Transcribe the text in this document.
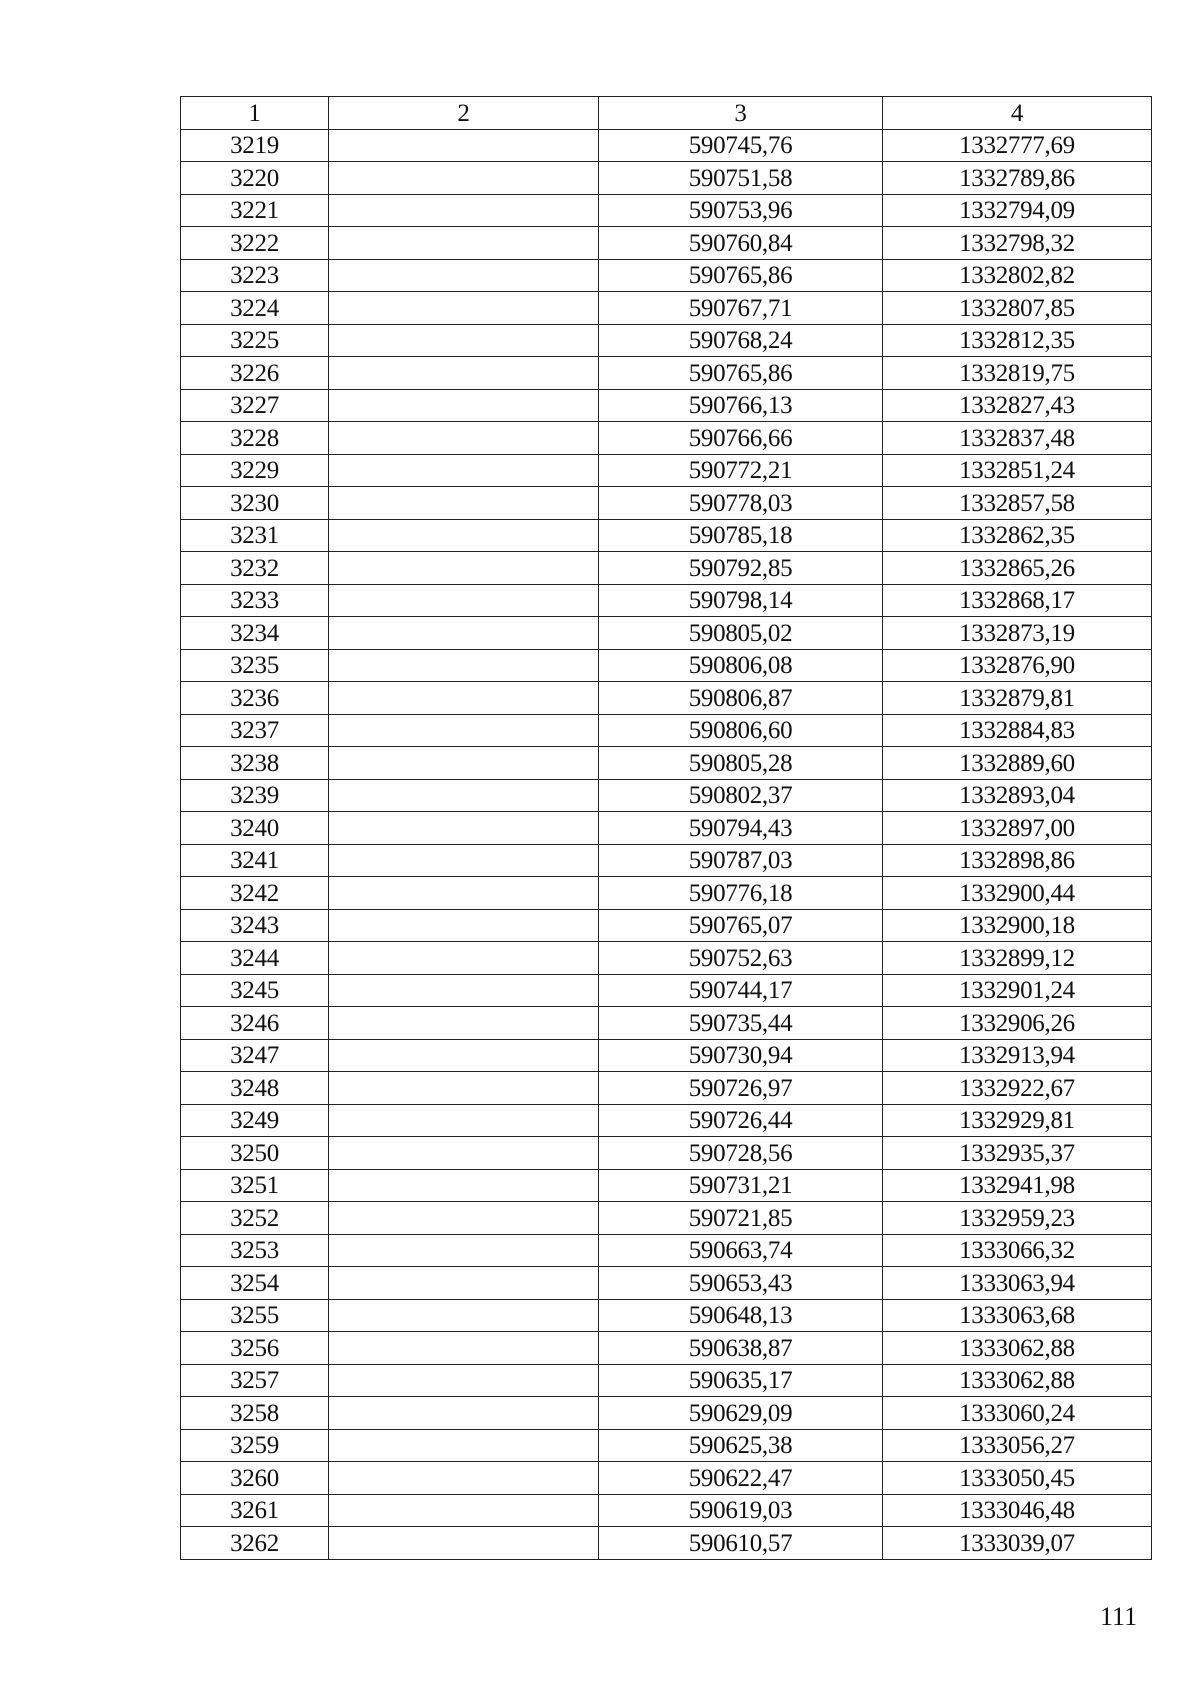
1	2	3	4
3219		590745,76	1332777,69
3220		590751,58	1332789,86
3221		590753,96	1332794,09
3222		590760,84	1332798,32
3223		590765,86	1332802,82
3224		590767,71	1332807,85
3225		590768,24	1332812,35
3226		590765,86	1332819,75
3227		590766,13	1332827,43
3228		590766,66	1332837,48
3229		590772,21	1332851,24
3230		590778,03	1332857,58
3231		590785,18	1332862,35
3232		590792,85	1332865,26
3233		590798,14	1332868,17
3234		590805,02	1332873,19
3235		590806,08	1332876,90
3236		590806,87	1332879,81
3237		590806,60	1332884,83
3238		590805,28	1332889,60
3239		590802,37	1332893,04
3240		590794,43	1332897,00
3241		590787,03	1332898,86
3242		590776,18	1332900,44
3243		590765,07	1332900,18
3244		590752,63	1332899,12
3245		590744,17	1332901,24
3246		590735,44	1332906,26
3247		590730,94	1332913,94
3248		590726,97	1332922,67
3249		590726,44	1332929,81
3250		590728,56	1332935,37
3251		590731,21	1332941,98
3252		590721,85	1332959,23
3253		590663,74	1333066,32
3254		590653,43	1333063,94
3255		590648,13	1333063,68
3256		590638,87	1333062,88
3257		590635,17	1333062,88
3258		590629,09	1333060,24
3259		590625,38	1333056,27
3260		590622,47	1333050,45
3261		590619,03	1333046,48
3262		590610,57	1333039,07
111
